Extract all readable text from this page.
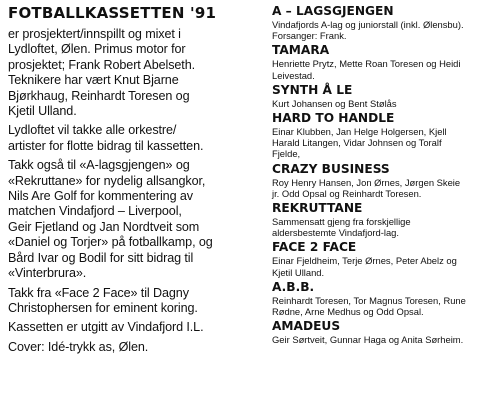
FOTBALLKASSETTEN '91

er prosjektert/innspillt og mixet i
Lydloftet, Ølen. Primus motor for
prosjektet; Frank Robert Abelseth.
Teknikere har vært Knut Bjarne
Bjørkhaug, Reinhardt Toresen og
Kjetil Ulland.

Lydloftet vil takke alle orkestre/
artister for flotte bidrag til kassetten.

Takk også til «A-lagsgjengen» og
«Rekruttane» for nydelig allsangkor,
Nils Are Golf for kommentering av
matchen Vindafjord – Liverpool,
Geir Fjetland og Jan Nordtveit som
«Daniel og Torjer» på fotballkamp, og
Bård Ivar og Bodil for sitt bidrag til
«Vinterbrura».

Takk fra «Face 2 Face» til Dagny
Christophersen for eminent koring.

Kassetten er utgitt av Vindafjord I.L.

Cover: Idé-trykk as, Ølen.

A – LAGSGJENGEN
Vindafjords A-lag og juniorstall (inkl. Ølensbu).
Forsanger: Frank.
TAMARA
Henriette Prytz, Mette Roan Toresen og Heidi
Leivestad.
SYNTH Å LE
Kurt Johansen og Bent Stølås
HARD TO HANDLE
Einar Klubben, Jan Helge Holgersen, Kjell
Harald Litangen, Vidar Johnsen og Toralf
Fjelde,
CRAZY BUSINESS
Roy Henry Hansen, Jon Ørnes, Jørgen Skeie
jr. Odd Opsal og Reinhardt Toresen.
REKRUTTANE
Sammensatt gjeng fra forskjellige
aldersbestemte Vindafjord-lag.
FACE 2 FACE
Einar Fjeldheim, Terje Ørnes, Peter Abelz og
Kjetil Ulland.
A.B.B.
Reinhardt Toresen, Tor Magnus Toresen, Rune
Rødne, Arne Medhus og Odd Opsal.
AMADEUS
Geir Sørtveit, Gunnar Haga og Anita Sørheim.
